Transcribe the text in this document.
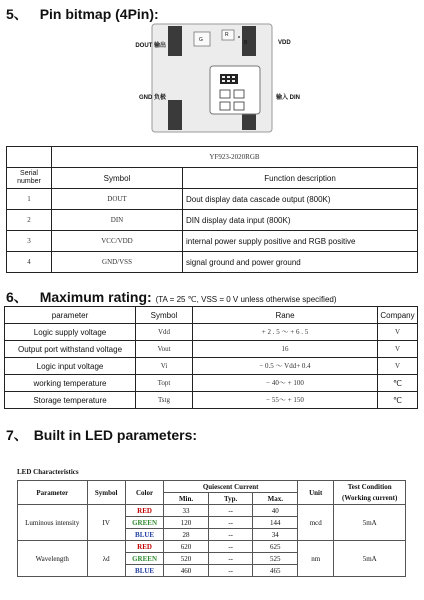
5、 Pin bitmap (4Pin):
G
R
B
DOUT 输出	VDD
GND 负极	输入 DIN
	YF923-2020RGB	
Serial number	Symbol	Function description
1	DOUT	Dout display data cascade output (800K)
2	DIN	DIN display data input (800K)
3	VCC/VDD	internal power supply positive and RGB positive
4	GND/VSS	signal ground and power ground
6、 Maximum rating: (TA = 25 ℃, VSS = 0 V unless otherwise specified)
parameter	Symbol	Rane	Company
Logic supply voltage	Vdd	+ 2 . 5 ～ + 6 . 5	V
Output port withstand voltage	Vout	16	V
Logic input voltage	Vi	− 0.5 ～ Vdd+ 0.4	V
working temperature	Topt	− 40～ + 100	℃
Storage temperature	Tstg	− 55～ + 150	℃
7、 Built in LED parameters:
LED Characteristics
Parameter	Symbol	Color	Quiescent Current			Unit	Test Condition
			Min.	Typ.	Max.		(Working current)
Luminous intensity	IV	RED	33	--	40	mcd	5mA
		GREEN	120	--	144		
		BLUE	28	--	34		
Wavelength	λd	RED	620	--	625	nm	5mA
		GREEN	520	--	525		
		BLUE	460	--	465		
